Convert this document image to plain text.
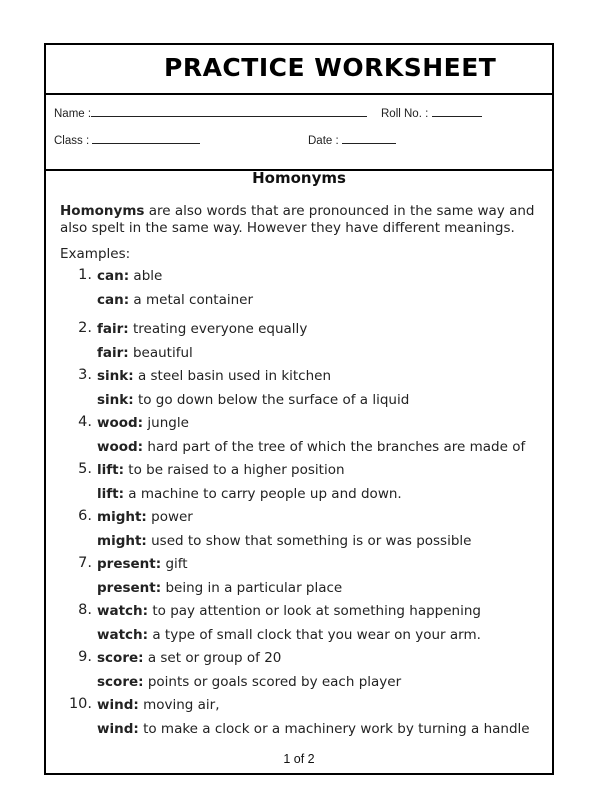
PRACTICE WORKSHEET
Name :	Roll No. :
Class :	Date :
Homonyms
Homonyms are also words that are pronounced in the same way and also spelt in the same way. However they have different meanings.
Examples:
1. can: able
can: a metal container
2. fair: treating everyone equally
fair: beautiful
3. sink: a steel basin used in kitchen
sink: to go down below the surface of a liquid
4. wood: jungle
wood: hard part of the tree of which the branches are made of
5. lift: to be raised to a higher position
lift: a machine to carry people up and down.
6. might: power
might: used to show that something is or was possible
7. present: gift
present: being in a particular place
8. watch: to pay attention or look at something happening
watch: a type of small clock that you wear on your arm.
9. score: a set or group of 20
score: points or goals scored by each player
10. wind: moving air,
wind: to make a clock or a machinery work by turning a handle
1 of 2
